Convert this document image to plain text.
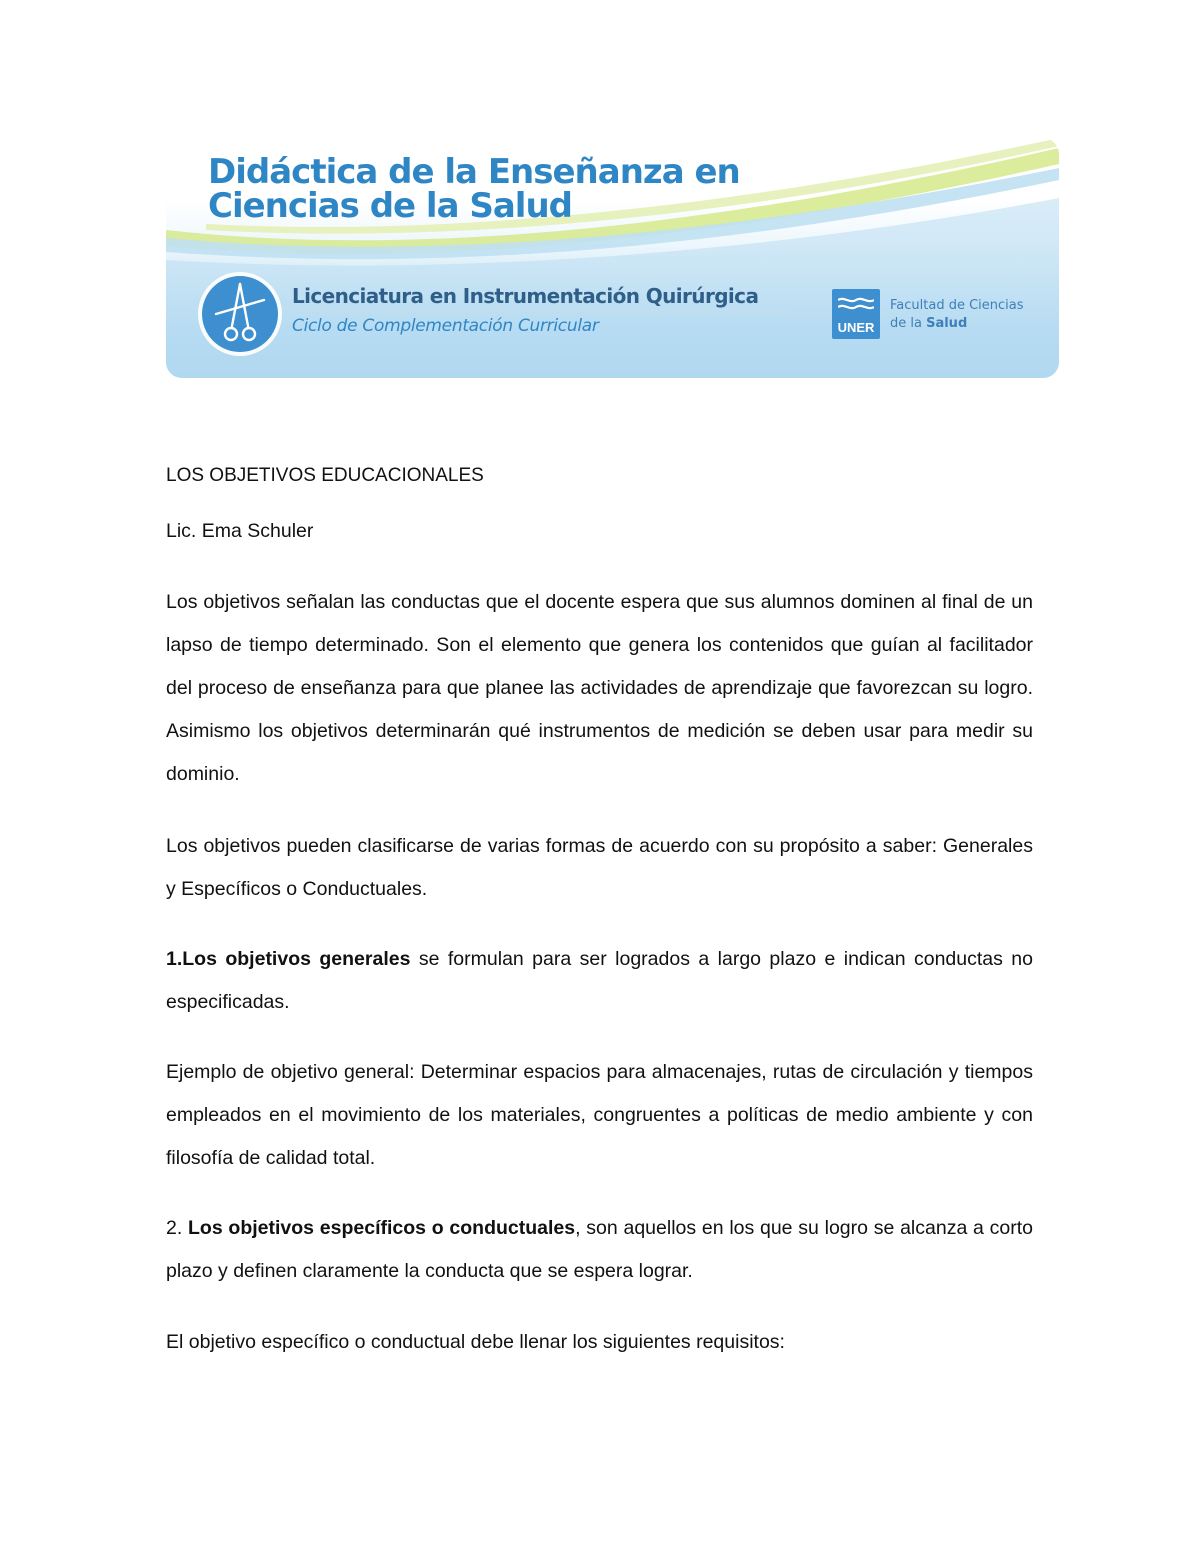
Didáctica de la Enseñanza en
Ciencias de la Salud
Licenciatura en Instrumentación Quirúrgica
Ciclo de Complementación Curricular	UNER
Facultad de Ciencias
de la Salud
LOS OBJETIVOS EDUCACIONALES
Lic. Ema Schuler
Los objetivos señalan las conductas que el docente espera que sus alumnos dominen al final de un lapso de tiempo determinado. Son el elemento que genera los contenidos que guían al facilitador del proceso de enseñanza para que planee las actividades de aprendizaje que favorezcan su logro. Asimismo los objetivos determinarán qué instrumentos de medición se deben usar para medir su dominio.
Los objetivos pueden clasificarse de varias formas de acuerdo con su propósito a saber: Generales y Específicos o Conductuales.
1.Los objetivos generales se formulan para ser logrados a largo plazo e indican conductas no especificadas.
Ejemplo de objetivo general: Determinar espacios para almacenajes, rutas de circulación y tiempos empleados en el movimiento de los materiales, congruentes a políticas de medio ambiente y con filosofía de calidad total.
2. Los objetivos específicos o conductuales, son aquellos en los que su logro se alcanza a corto plazo y definen claramente la conducta que se espera lograr.
El objetivo específico o conductual debe llenar los siguientes requisitos:
